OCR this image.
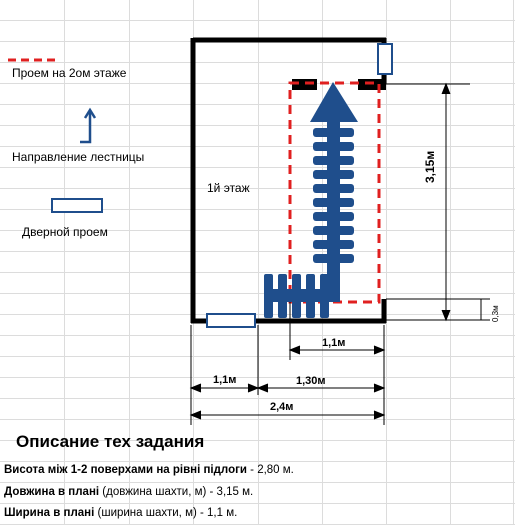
Проем на 2ом этаже
Направление лестницы
Дверной проем
1й этаж
3,15м
0,3м
1,1м
1,1м	1,30м
2,4м
Описание тех задания
Висота між 1-2 поверхами на рівні підлоги - 2,80 м.
Довжина в плані (довжина шахти, м) - 3,15 м.
Ширина в плані (ширина шахти, м) - 1,1 м.
